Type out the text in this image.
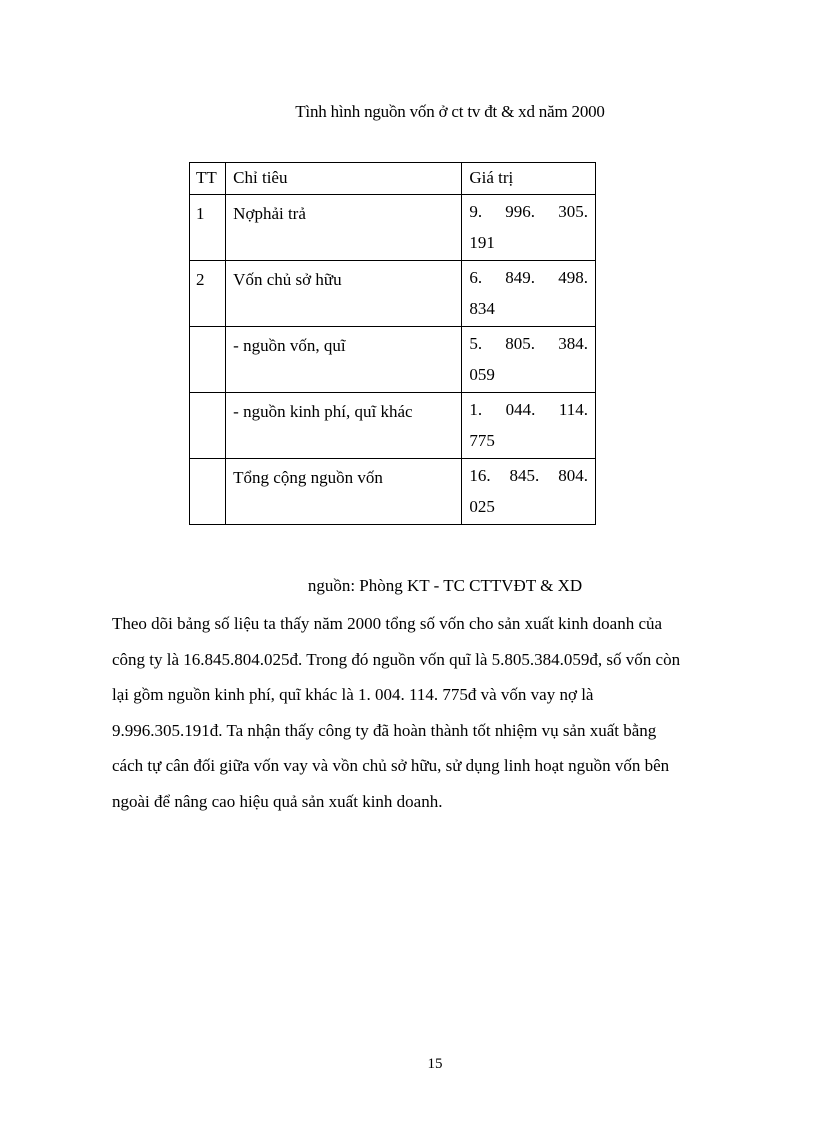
Tình hình nguồn vốn ở ct tv đt & xd năm 2000
TT	Chỉ tiêu	Giá trị
1	Nợphải trả	9. 996. 305.
191

2	Vốn chủ sở hữu	6. 849. 498.
834

	- nguồn vốn, quĩ	5. 805. 384.
059

	- nguồn kinh phí, quĩ khác	1. 044. 114.
775

	Tổng cộng nguồn vốn	16. 845. 804.
025
nguồn: Phòng KT - TC CTTVĐT & XD

Theo dõi bảng số liệu ta thấy năm 2000 tổng số vốn cho sản xuất kinh doanh của

công ty là 16.845.804.025đ. Trong đó nguồn vốn quĩ là 5.805.384.059đ, số vốn còn

lại gồm nguồn kinh phí, quĩ khác là 1. 004. 114. 775đ và vốn vay nợ là

9.996.305.191đ. Ta nhận thấy công ty đã hoàn thành tốt nhiệm vụ sản xuất bằng

cách tự cân đối giữa vốn vay và vồn chủ sở hữu, sử dụng linh hoạt nguồn vốn bên

ngoài để nâng cao hiệu quả sản xuất kinh doanh.

15
